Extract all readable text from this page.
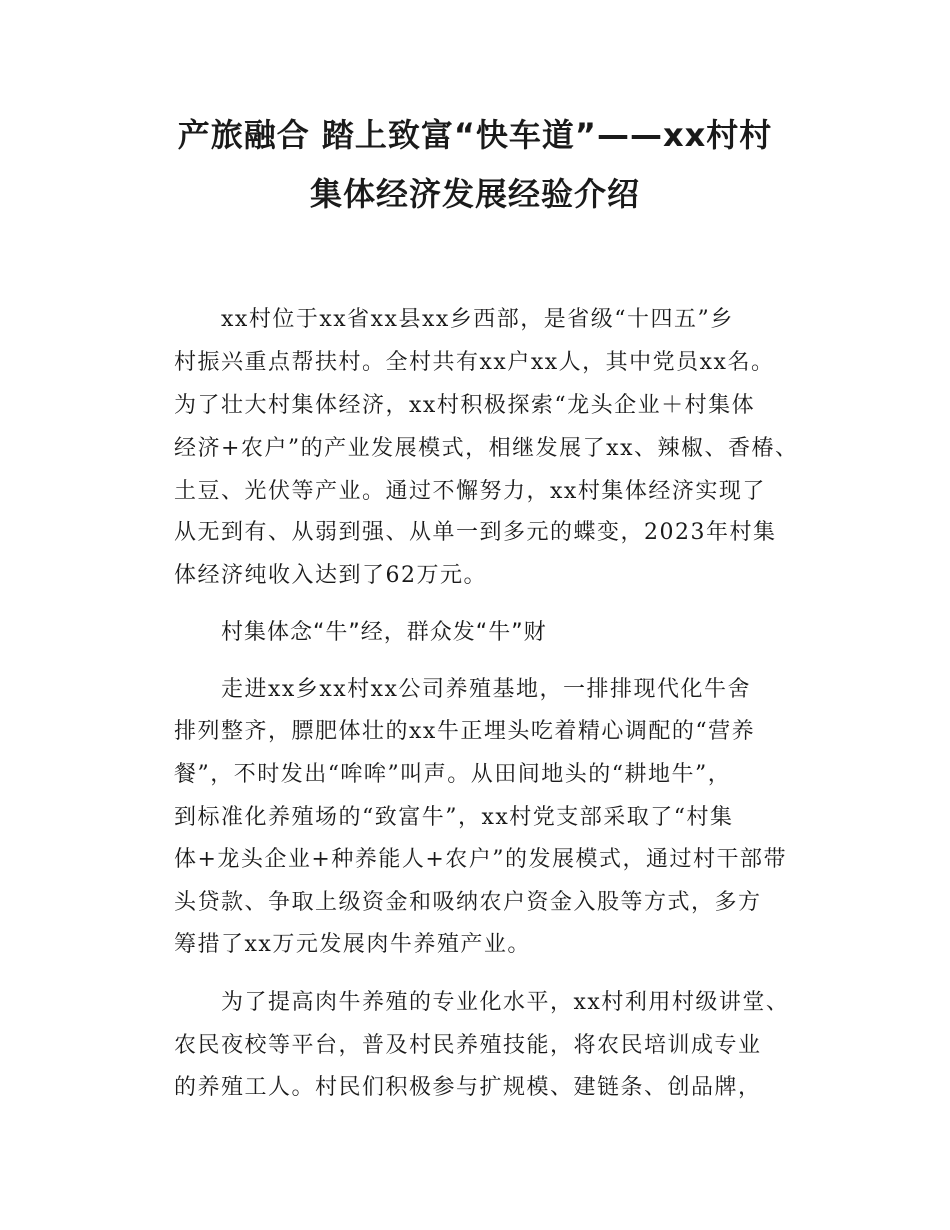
产旅融合 踏上致富“快车道”——xx村村
集体经济发展经验介绍
xx村位于xx省xx县xx乡西部，是省级“十四五”乡
村振兴重点帮扶村。全村共有xx户xx人，其中党员xx名。
为了壮大村集体经济，xx村积极探索“龙头企业＋村集体
经济+农户”的产业发展模式，相继发展了xx、辣椒、香椿、
土豆、光伏等产业。通过不懈努力，xx村集体经济实现了
从无到有、从弱到强、从单一到多元的蝶变，2023年村集
体经济纯收入达到了62万元。
村集体念“牛”经，群众发“牛”财
走进xx乡xx村xx公司养殖基地，一排排现代化牛舍
排列整齐，膘肥体壮的xx牛正埋头吃着精心调配的“营养
餐”，不时发出“哞哞”叫声。从田间地头的“耕地牛”，
到标准化养殖场的“致富牛”，xx村党支部采取了“村集
体+龙头企业+种养能人+农户”的发展模式，通过村干部带
头贷款、争取上级资金和吸纳农户资金入股等方式，多方
筹措了xx万元发展肉牛养殖产业。
为了提高肉牛养殖的专业化水平，xx村利用村级讲堂、
农民夜校等平台，普及村民养殖技能，将农民培训成专业
的养殖工人。村民们积极参与扩规模、建链条、创品牌，
